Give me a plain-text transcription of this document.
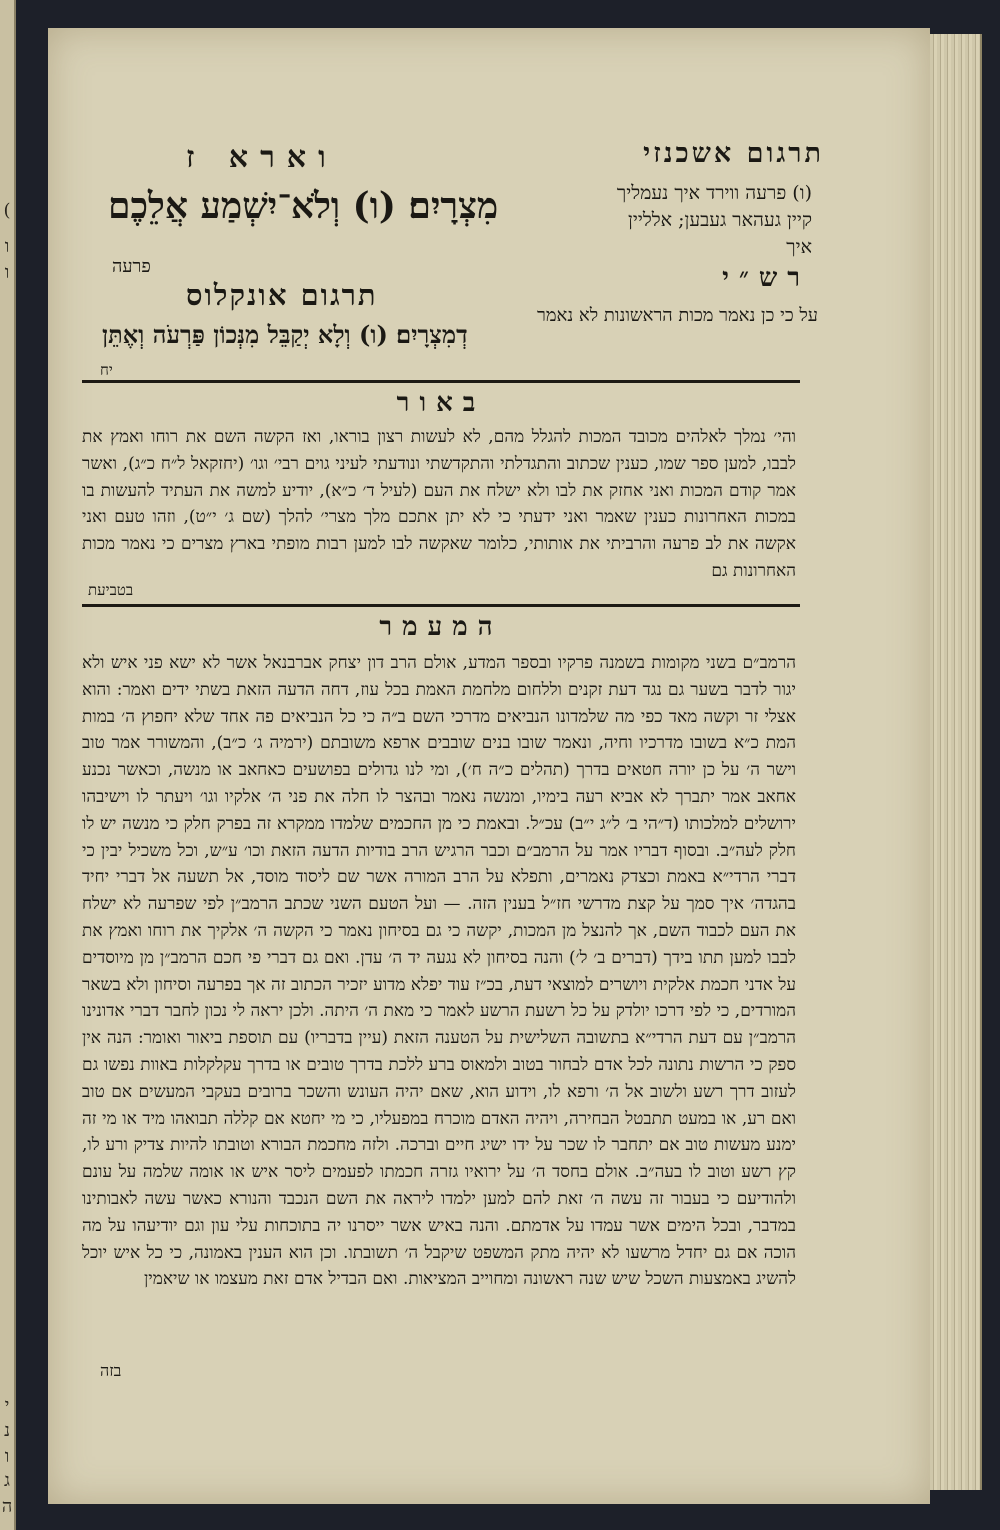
(
ו
ו
י
נ
ו
ג
ה
תרגום אשכנזי
(ו) פרעה ווירד איך נעמליך
קיין געהאר געבען; אלליין
איך
רש״י
על כי כן נאמר מכות הראשונות לא נאמר
וארא ז
מִצְרָיִם׃ (ו) וְלֹא־יִשְׁמַע אֲלֵכֶם
פרעה
תרגום אונקלוס
דְמִצְרָיִם׃ (ו) וְלָא יְקַבֵּל מִנְּכוֹן פַּרְעֹה וְאֶתֵּן
יח
באור
והי׳ נמלך לאלהים מכובד המכות להגלל מהם, לא לעשות רצון בוראו, ואז הקשה השם את רוחו ואמץ את לבבו, למען ספר שמו, כענין שכתוב והתגדלתי והתקדשתי ונודעתי לעיני גוים רבי׳ וגו׳ (יחזקאל ל״ח כ״ג), ואשר אמר קודם המכות ואני אחזק את לבו ולא ישלח את העם (לעיל ד׳ כ״א), יודיע למשה את העתיד להעשות בו במכות האחרונות כענין שאמר ואני ידעתי כי לא יתן אתכם מלך מצרי׳ להלך (שם ג׳ י״ט), וזהו טעם ואני אקשה את לב פרעה והרביתי את אותותי, כלומר שאקשה לבו למען רבות מופתי בארץ מצרים כי נאמר מכות האחרונות גם
בטביעת
המעמר
הרמב״ם בשני מקומות בשמנה פרקיו ובספר המדע, אולם הרב דון יצחק אברבנאל אשר לא ישא פני איש ולא יגור לדבר בשער גם נגד דעת זקנים וללחום מלחמת האמת בכל עוז, דחה הדעה הזאת בשתי ידים ואמר: והוא אצלי זר וקשה מאד כפי מה שלמדונו הנביאים מדרכי השם ב״ה כי כל הנביאים פה אחד שלא יחפוץ ה׳ במות המת כ״א בשובו מדרכיו וחיה, ונאמר שובו בנים שובבים ארפא משובתם (ירמיה ג׳ כ״ב), והמשורר אמר טוב וישר ה׳ על כן יורה חטאים בדרך (תהלים כ״ה ח׳), ומי לנו גדולים בפושעים כאחאב או מנשה, וכאשר נכנע אחאב אמר יתברך לא אביא רעה בימיו, ומנשה נאמר ובהצר לו חלה את פני ה׳ אלקיו וגו׳ ויעתר לו וישיבהו ירושלים למלכותו (ד״הי ב׳ ל״ג י״ב) עכ״ל. ובאמת כי מן החכמים שלמדו ממקרא זה בפרק חלק כי מנשה יש לו חלק לעה״ב. ובסוף דבריו אמר על הרמב״ם וכבר הרגיש הרב בודיות הדעה הזאת וכו׳ ע״ש, וכל משכיל יבין כי דברי הרדי״א באמת וכצדק נאמרים, ותפלא על הרב המורה אשר שם ליסוד מוסד, אל תשעה אל דברי יחיד בהגדה׳ איך סמך על קצת מדרשי חז״ל בענין הזה. — ועל הטעם השני שכתב הרמב״ן לפי שפרעה לא ישלח את העם לכבוד השם, אך להנצל מן המכות, יקשה כי גם בסיחון נאמר כי הקשה ה׳ אלקיך את רוחו ואמץ את לבבו למען תתו בידך (דברים ב׳ ל׳) והנה בסיחון לא נגעה יד ה׳ עדן. ואם גם דברי פי חכם הרמב״ן מן מיוסדים על אדני חכמת אלקית ויושרים למוצאי דעת, בכ״ז עוד יפלא מדוע יזכיר הכתוב זה אך בפרעה וסיחון ולא בשאר המורדים, כי לפי דרכו יולדק על כל רשעת הרשע לאמר כי מאת ה׳ היתה. ולכן יראה לי נכון לחבר דברי אדונינו הרמב״ן עם דעת הרדי״א בתשובה השלישית על הטענה הזאת (עיין בדבריו) עם תוספת ביאור ואומר: הנה אין ספק כי הרשות נתונה לכל אדם לבחור בטוב ולמאוס ברע ללכת בדרך טובים או בדרך עקלקלות באוות נפשו גם לעזוב דרך רשע ולשוב אל ה׳ ורפא לו, וידוע הוא, שאם יהיה העונש והשכר ברובים בעקבי המעשים אם טוב ואם רע, או במעט תתבטל הבחירה, ויהיה האדם מוכרח במפעליו, כי מי יחטא אם קללה תבואהו מיד או מי זה ימנע מעשות טוב אם יתחבר לו שכר על ידו ישיג חיים וברכה. ולזה מחכמת הבורא וטובתו להיות צדיק ורע לו, קץ רשע וטוב לו בעה״ב. אולם בחסד ה׳ על ירואיו גזרה חכמתו לפעמים ליסר איש או אומה שלמה על עונם ולהודיעם כי בעבור זה עשה ה׳ זאת להם למען ילמדו ליראה את השם הנכבד והנורא כאשר עשה לאבותינו במדבר, ובכל הימים אשר עמדו על אדמתם. והנה באיש אשר ייסרנו יה בתוכחות עלי עון וגם יודיעהו על מה הוכה אם גם יחדל מרשעו לא יהיה מתק המשפט שיקבל ה׳ תשובתו. וכן הוא הענין באמונה, כי כל איש יוכל להשיג באמצעות השכל שיש שנה ראשונה ומחוייב המציאות. ואם הבדיל אדם זאת מעצמו או שיאמין
בזה
